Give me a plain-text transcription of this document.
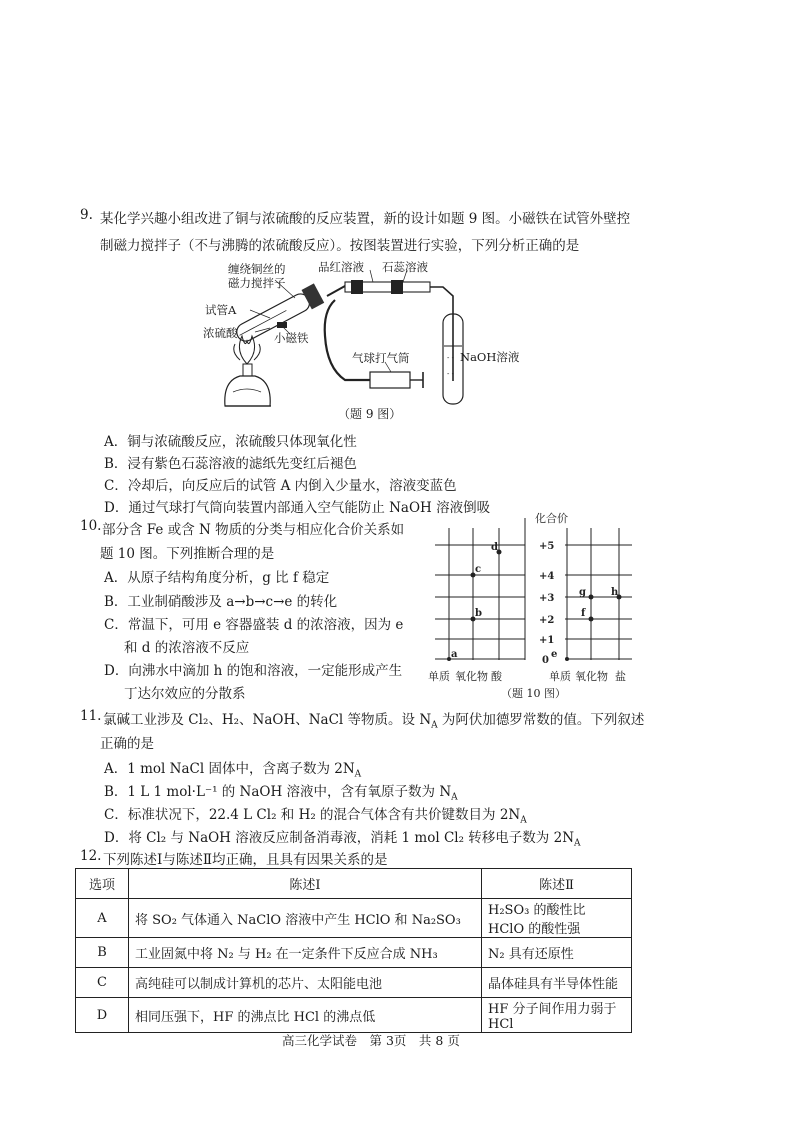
9. 某化学兴趣小组改进了铜与浓硫酸的反应装置，新的设计如题 9 图。小磁铁在试管外壁控
制磁力搅拌子（不与沸腾的浓硫酸反应）。按图装置进行实验，下列分析正确的是
- -
- -
缠绕铜丝的
磁力搅拌子
试管A
浓硫酸	小磁铁
品红溶液 石蕊溶液
气球打气筒	NaOH溶液
（题 9 图）
A．铜与浓硫酸反应，浓硫酸只体现氧化性
B．浸有紫色石蕊溶液的滤纸先变红后褪色
C．冷却后，向反应后的试管 A 内倒入少量水，溶液变蓝色
D．通过气球打气筒向装置内部通入空气能防止 NaOH 溶液倒吸
10. 部分含 Fe 或含 N 物质的分类与相应化合价关系如
题 10 图。下列推断合理的是
A．从原子结构角度分析，g 比 f 稳定
B．工业制硝酸涉及 a→b→c→e 的转化
C．常温下，可用 e 容器盛装 d 的浓溶液，因为 e
和 d 的浓溶液不反应
D．向沸水中滴加 h 的饱和溶液，一定能形成产生
丁达尔效应的分散系
a
b
c
d
e
f
g	h
化合价
+5
+4
+3
+2
+1
0
单质 氧化物 酸	单质 氧化物 盐
（题 10 图）
11. 氯碱工业涉及 Cl₂、H₂、NaOH、NaCl 等物质。设 $N_A$ 为阿伏加德罗常数的值。下列叙述
正确的是
A．1 mol NaCl 固体中，含离子数为 $2N_A$
B．1 L 1 mol·L⁻¹ 的 NaOH 溶液中，含有氧原子数为 $N_A$
C．标准状况下，22.4 L Cl₂ 和 H₂ 的混合气体含有共价键数目为 $2N_A$
D．将 Cl₂ 与 NaOH 溶液反应制备消毒液，消耗 1 mol Cl₂ 转移电子数为 $2N_A$
12. 下列陈述Ⅰ与陈述Ⅱ均正确，且具有因果关系的是
选项	陈述Ⅰ	陈述Ⅱ
A	将 SO₂ 气体通入 NaClO 溶液中产生 HClO 和 Na₂SO₃	H₂SO₃ 的酸性比 HClO 的酸性强
B	工业固氮中将 N₂ 与 H₂ 在一定条件下反应合成 NH₃	N₂ 具有还原性
C	高纯硅可以制成计算机的芯片、太阳能电池	晶体硅具有半导体性能
D	相同压强下，HF 的沸点比 HCl 的沸点低	HF 分子间作用力弱于 HCl
高三化学试卷　第 3页　共 8 页
